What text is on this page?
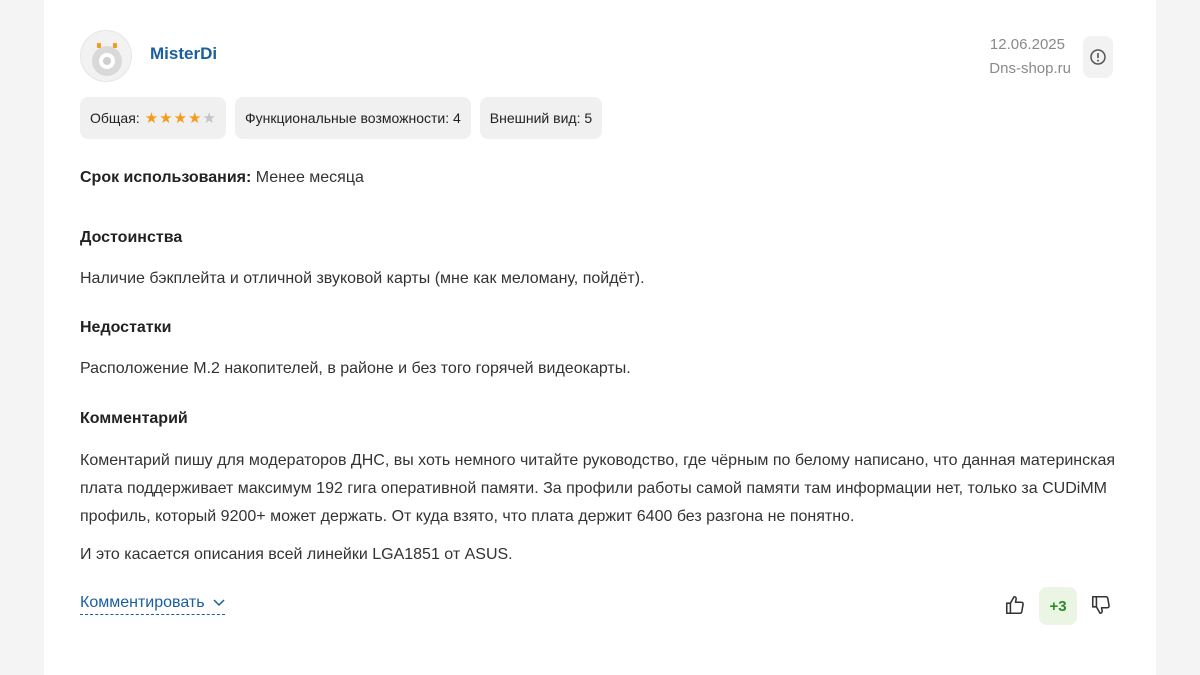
MisterDi	12.06.2025
Dns-shop.ru
Общая: ★ ★ ★ ★ ★	Функциональные возможности: 4	Внешний вид: 5
Срок использования: Менее месяца
Достоинства
Наличие бэкплейта и отличной звуковой карты (мне как меломану, пойдёт).
Недостатки
Расположение M.2 накопителей, в районе и без того горячей видеокарты.
Комментарий
Коментарий пишу для модераторов ДНС, вы хоть немного читайте руководство, где чёрным по белому написано, что данная материнская плата поддерживает максимум 192 гига оперативной памяти. За профили работы самой памяти там информации нет, только за CUDiMM профиль, который 9200+ может держать. От куда взято, что плата держит 6400 без разгона не понятно.
И это касается описания всей линейки LGA1851 от ASUS.
Комментировать	+3
